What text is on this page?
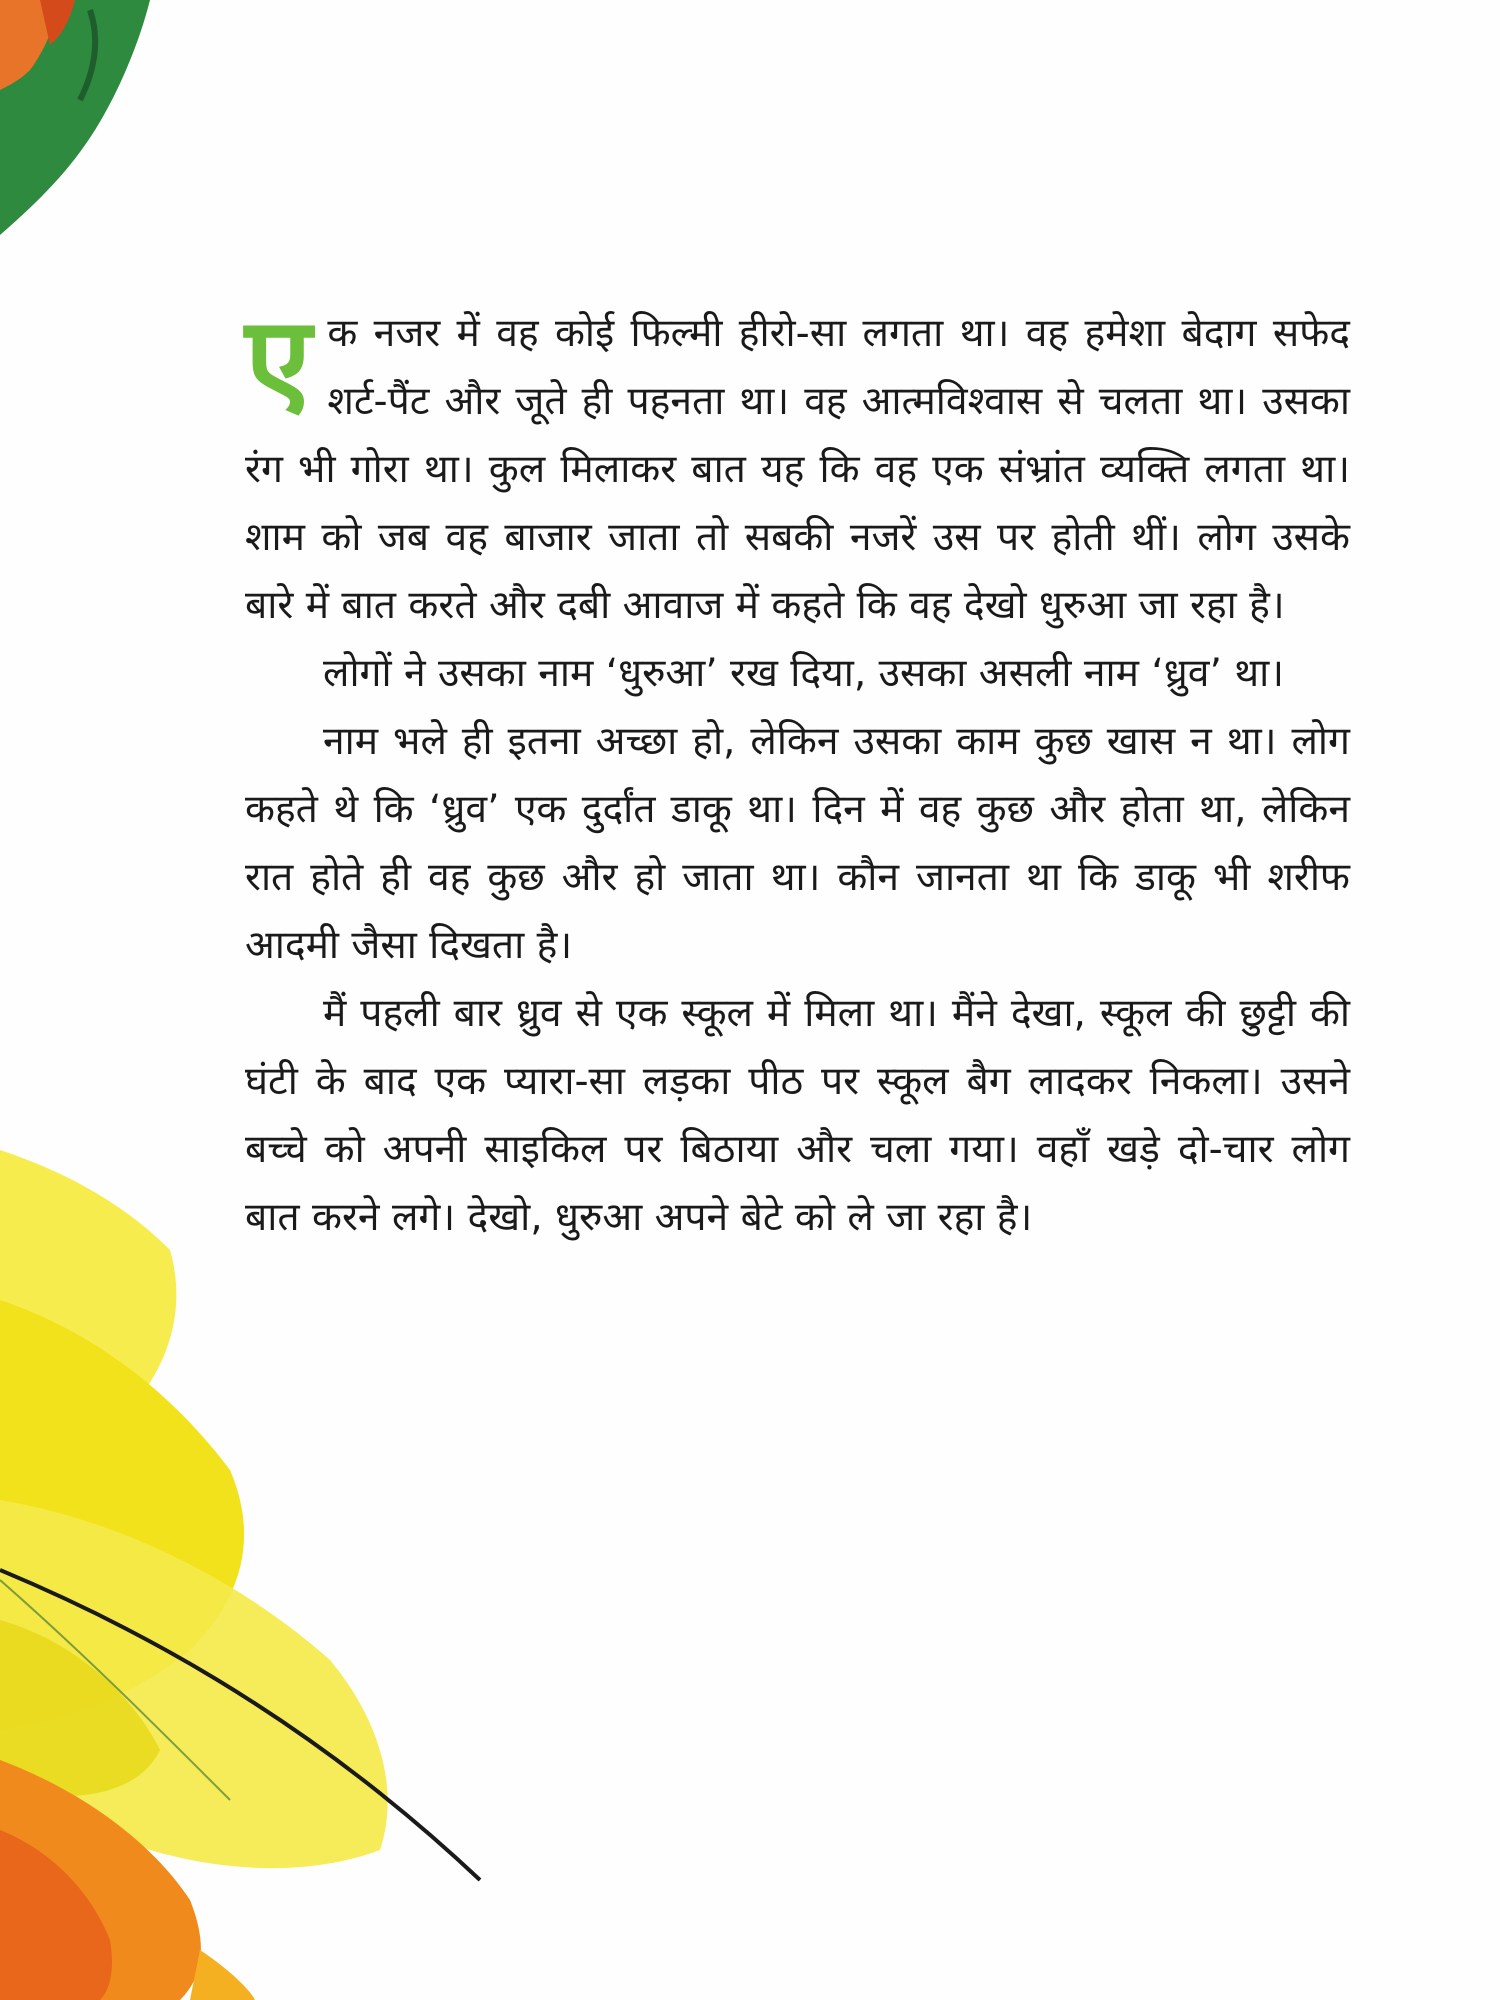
एक नजर में वह कोई फिल्मी हीरो-सा लगता था। वह हमेशा बेदाग सफेद शर्ट-पैंट और जूते ही पहनता था। वह आत्मविश्वास से चलता था। उसका रंग भी गोरा था। कुल मिलाकर बात यह कि वह एक संभ्रांत व्यक्ति लगता था। शाम को जब वह बाजार जाता तो सबकी नजरें उस पर होती थीं। लोग उसके बारे में बात करते और दबी आवाज में कहते कि वह देखो धुरुआ जा रहा है।

लोगों ने उसका नाम ‘धुरुआ’ रख दिया, उसका असली नाम ‘ध्रुव’ था।

नाम भले ही इतना अच्छा हो, लेकिन उसका काम कुछ खास न था। लोग कहते थे कि ‘ध्रुव’ एक दुर्दांत डाकू था। दिन में वह कुछ और होता था, लेकिन रात होते ही वह कुछ और हो जाता था। कौन जानता था कि डाकू भी शरीफ आदमी जैसा दिखता है।

मैं पहली बार ध्रुव से एक स्कूल में मिला था। मैंने देखा, स्कूल की छुट्टी की घंटी के बाद एक प्यारा-सा लड़का पीठ पर स्कूल बैग लादकर निकला। उसने बच्चे को अपनी साइकिल पर बिठाया और चला गया। वहाँ खड़े दो-चार लोग बात करने लगे। देखो, धुरुआ अपने बेटे को ले जा रहा है।
